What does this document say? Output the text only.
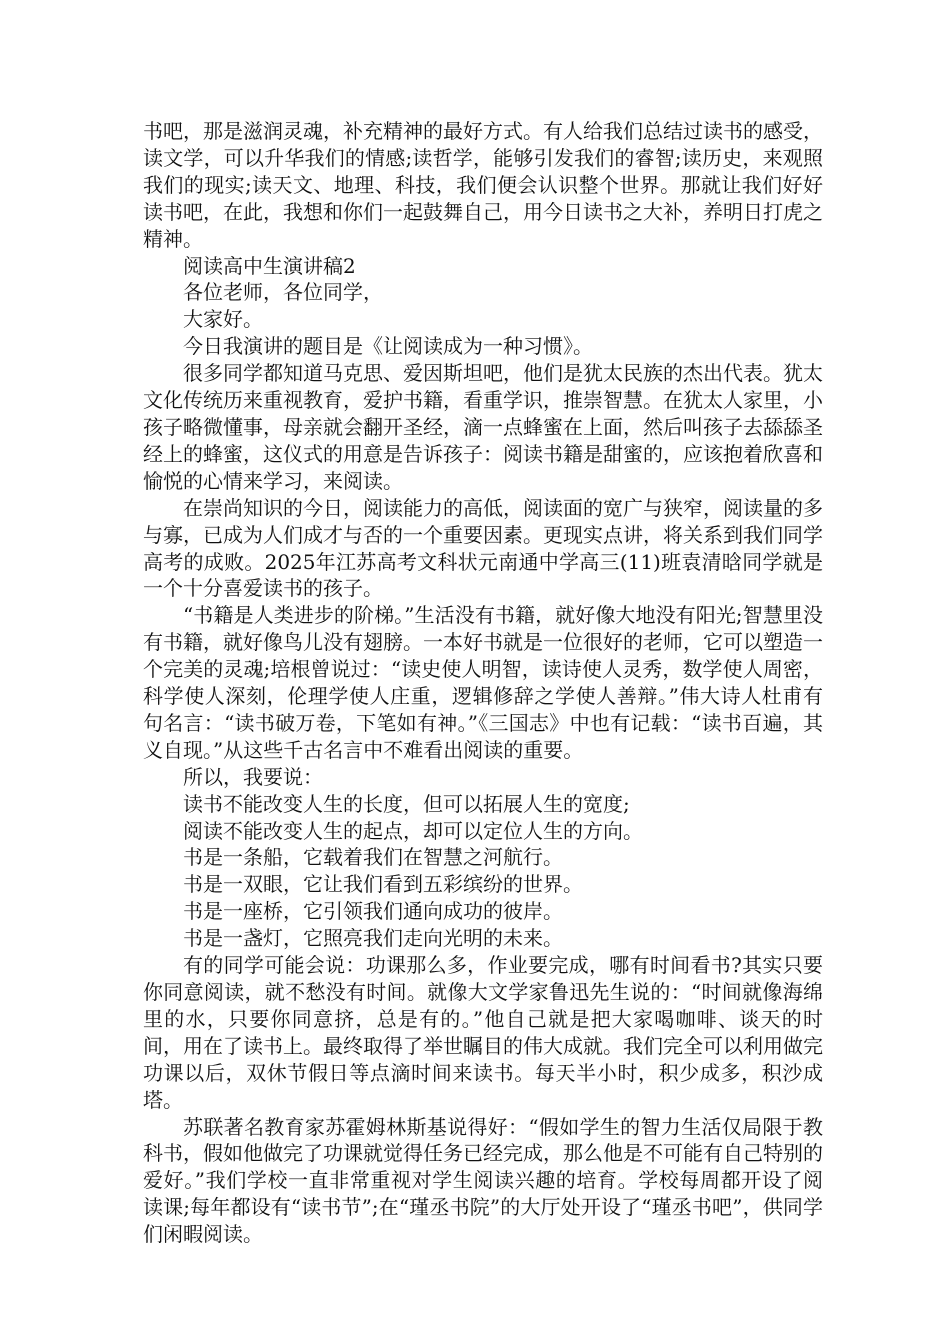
书吧，那是滋润灵魂，补充精神的最好方式。有人给我们总结过读书的感受，读文学，可以升华我们的情感;读哲学，能够引发我们的睿智;读历史，来观照我们的现实;读天文、地理、科技，我们便会认识整个世界。那就让我们好好读书吧，在此，我想和你们一起鼓舞自己，用今日读书之大补，养明日打虎之精神。

阅读高中生演讲稿2

各位老师，各位同学，

大家好。

今日我演讲的题目是《让阅读成为一种习惯》。

很多同学都知道马克思、爱因斯坦吧，他们是犹太民族的杰出代表。犹太文化传统历来重视教育，爱护书籍，看重学识，推崇智慧。在犹太人家里，小孩子略微懂事，母亲就会翻开圣经，滴一点蜂蜜在上面，然后叫孩子去舔舔圣经上的蜂蜜，这仪式的用意是告诉孩子：阅读书籍是甜蜜的，应该抱着欣喜和愉悦的心情来学习，来阅读。

在崇尚知识的今日，阅读能力的高低，阅读面的宽广与狭窄，阅读量的多与寡，已成为人们成才与否的一个重要因素。更现实点讲，将关系到我们同学高考的成败。2025年江苏高考文科状元南通中学高三(11)班袁清晗同学就是一个十分喜爱读书的孩子。

“书籍是人类进步的阶梯。”生活没有书籍，就好像大地没有阳光;智慧里没有书籍，就好像鸟儿没有翅膀。一本好书就是一位很好的老师，它可以塑造一个完美的灵魂;培根曾说过：“读史使人明智，读诗使人灵秀，数学使人周密，科学使人深刻，伦理学使人庄重，逻辑修辞之学使人善辩。”伟大诗人杜甫有句名言：“读书破万卷，下笔如有神。”《三国志》中也有记载：“读书百遍，其义自现。”从这些千古名言中不难看出阅读的重要。

所以，我要说：

读书不能改变人生的长度，但可以拓展人生的宽度;

阅读不能改变人生的起点，却可以定位人生的方向。

书是一条船，它载着我们在智慧之河航行。

书是一双眼，它让我们看到五彩缤纷的世界。

书是一座桥，它引领我们通向成功的彼岸。

书是一盏灯，它照亮我们走向光明的未来。

有的同学可能会说：功课那么多，作业要完成，哪有时间看书?其实只要你同意阅读，就不愁没有时间。就像大文学家鲁迅先生说的：“时间就像海绵里的水，只要你同意挤，总是有的。”他自己就是把大家喝咖啡、谈天的时间，用在了读书上。最终取得了举世瞩目的伟大成就。我们完全可以利用做完功课以后，双休节假日等点滴时间来读书。每天半小时，积少成多，积沙成塔。

苏联著名教育家苏霍姆林斯基说得好：“假如学生的智力生活仅局限于教科书，假如他做完了功课就觉得任务已经完成，那么他是不可能有自己特别的爱好。”我们学校一直非常重视对学生阅读兴趣的培育。学校每周都开设了阅读课;每年都设有“读书节”;在“瑾丞书院”的大厅处开设了“瑾丞书吧”，供同学们闲暇阅读。
